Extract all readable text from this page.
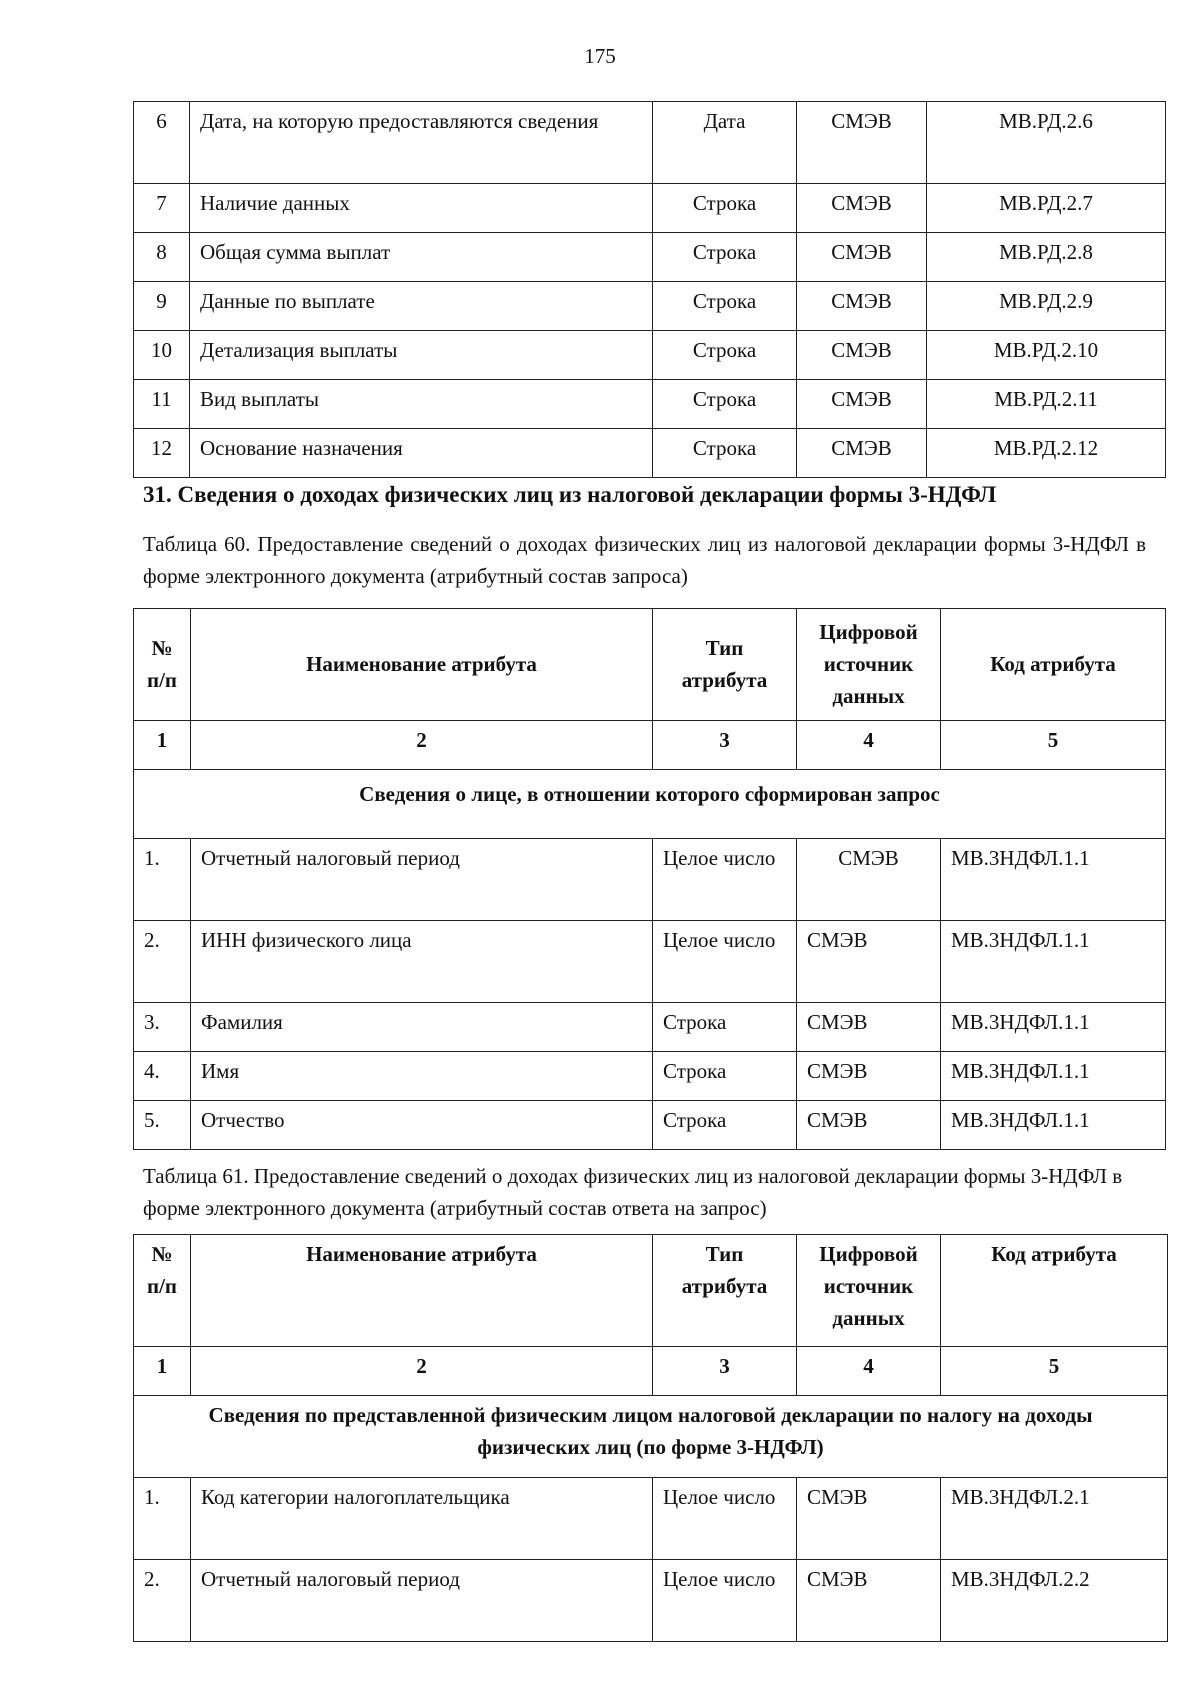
175
6	Дата, на которую предоставляются сведения	Дата	СМЭВ	МВ.РД.2.6
7	Наличие данных	Строка	СМЭВ	МВ.РД.2.7
8	Общая сумма выплат	Строка	СМЭВ	МВ.РД.2.8
9	Данные по выплате	Строка	СМЭВ	МВ.РД.2.9
10	Детализация выплаты	Строка	СМЭВ	МВ.РД.2.10
11	Вид выплаты	Строка	СМЭВ	МВ.РД.2.11
12	Основание назначения	Строка	СМЭВ	МВ.РД.2.12
31. Сведения о доходах физических лиц из налоговой декларации формы 3-НДФЛ
Таблица 60. Предоставление сведений о доходах физических лиц из налоговой декларации формы 3-НДФЛ в форме электронного документа (атрибутный состав запроса)
№ п/п	Наименование атрибута	Тип атрибута	Цифровой источник данных	Код атрибута
1	2	3	4	5
Сведения о лице, в отношении которого сформирован запрос				
1.	Отчетный налоговый период	Целое число	СМЭВ	МВ.3НДФЛ.1.1
2.	ИНН физического лица	Целое число	СМЭВ	МВ.3НДФЛ.1.1
3.	Фамилия	Строка	СМЭВ	МВ.3НДФЛ.1.1
4.	Имя	Строка	СМЭВ	МВ.3НДФЛ.1.1
5.	Отчество	Строка	СМЭВ	МВ.3НДФЛ.1.1
Таблица 61. Предоставление сведений о доходах физических лиц из налоговой декларации формы 3-НДФЛ в форме электронного документа (атрибутный состав ответа на запрос)
№ п/п	Наименование атрибута	Тип атрибута	Цифровой источник данных	Код атрибута
1	2	3	4	5
Сведения по представленной физическим лицом налоговой декларации по налогу на доходы физических лиц (по форме 3-НДФЛ)				
1.	Код категории налогоплательщика	Целое число	СМЭВ	МВ.3НДФЛ.2.1
2.	Отчетный налоговый период	Целое число	СМЭВ	МВ.3НДФЛ.2.2
